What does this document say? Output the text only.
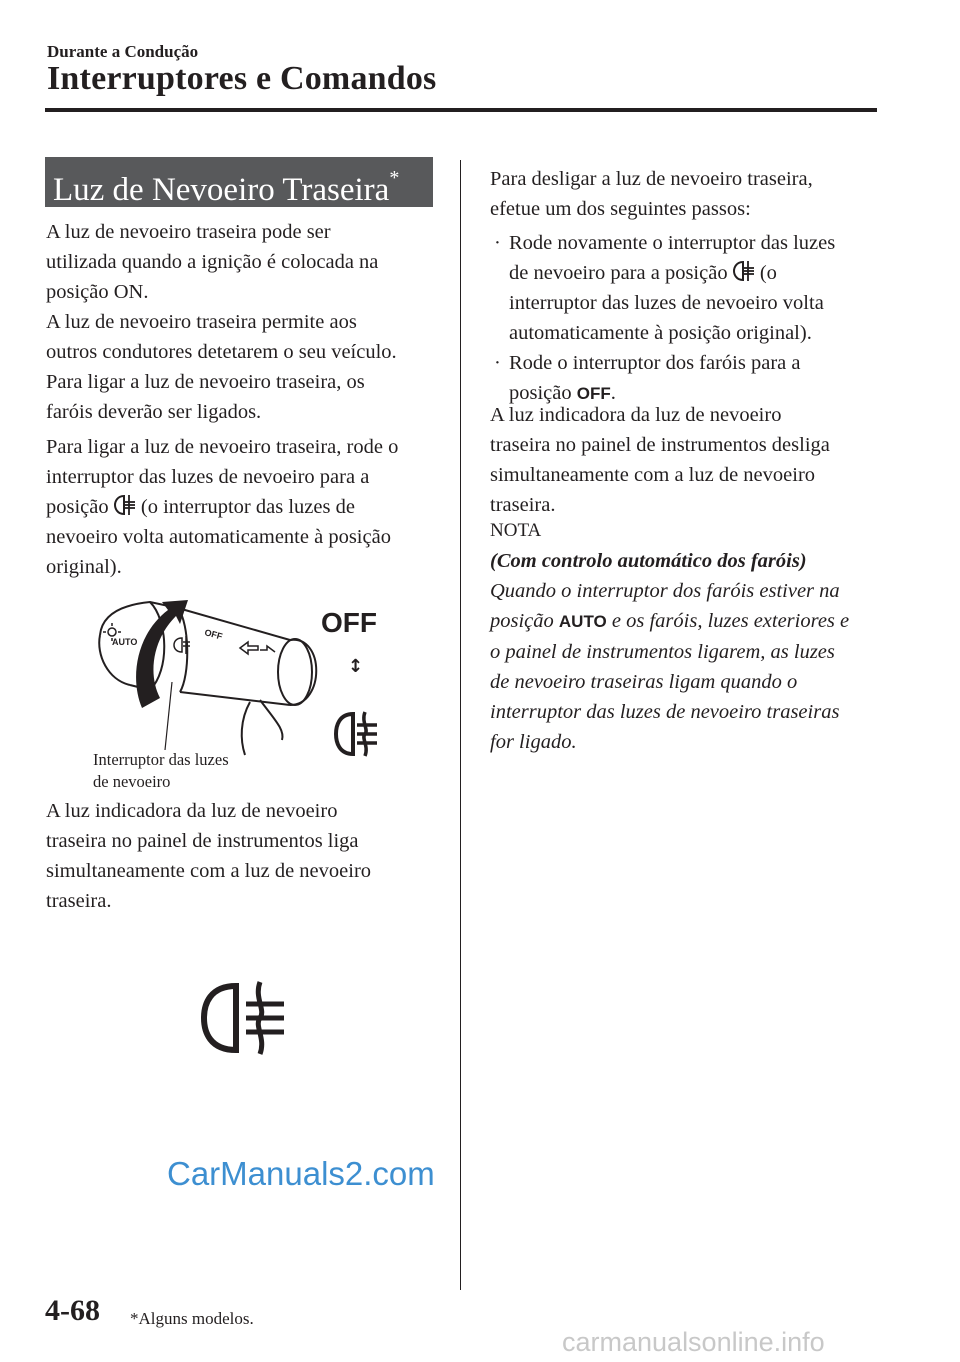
Durante a Condução
Interruptores e Comandos
Luz de Nevoeiro Traseira*

A luz de nevoeiro traseira pode ser

utilizada quando a ignição é colocada na

posição ON.

A luz de nevoeiro traseira permite aos

outros condutores detetarem o seu veículo.

Para ligar a luz de nevoeiro traseira, os

faróis deverão ser ligados.

Para ligar a luz de nevoeiro traseira, rode o

interruptor das luzes de nevoeiro para a

posição  (o interruptor das luzes de

nevoeiro volta automaticamente à posição

original).

AUTO
OFF	OFF
↕
Interruptor das luzes
de nevoeiro

A luz indicadora da luz de nevoeiro

traseira no painel de instrumentos liga

simultaneamente com a luz de nevoeiro

traseira.

Para desligar a luz de nevoeiro traseira,

efetue um dos seguintes passos:

· Rode novamente o interruptor das luzes

de nevoeiro para a posição  (o

interruptor das luzes de nevoeiro volta

automaticamente à posição original).

· Rode o interruptor dos faróis para a

posição OFF.

A luz indicadora da luz de nevoeiro

traseira no painel de instrumentos desliga

simultaneamente com a luz de nevoeiro

traseira.

NOTA

(Com controlo automático dos faróis)

Quando o interruptor dos faróis estiver na

posição AUTO e os faróis, luzes exteriores e

o painel de instrumentos ligarem, as luzes

de nevoeiro traseiras ligam quando o

interruptor das luzes de nevoeiro traseiras

for ligado.

CarManuals2.com
4-68 *Alguns modelos.
carmanualsonline.info
